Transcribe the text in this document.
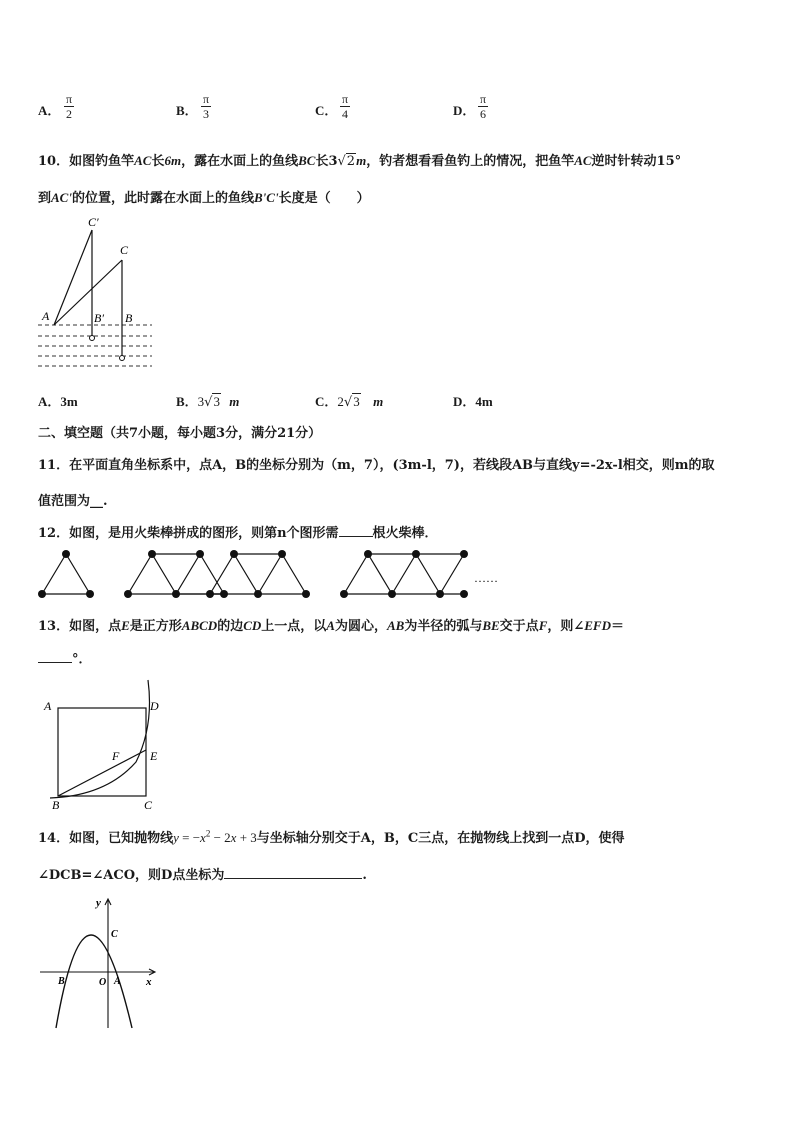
A． $\frac{\pi}{2}$	B． $\frac{\pi}{3}$	C． $\frac{\pi}{4}$	D． $\frac{\pi}{6}$
10．如图钓鱼竿AC长6m，露在水面上的鱼线BC长3√2m，钓者想看看鱼钓上的情况，把鱼竿AC逆时针转动15°
到AC'的位置，此时露在水面上的鱼线B'C'长度是（　　）
A	B′ B
C
C′
A．3m	B．3√3 m	C．2√3 m	D．4m
二、填空题（共7小题，每小题3分，满分21分）
11．在平面直角坐标系中，点A，B的坐标分别为（m，7），(3m-l，7)，若线段AB与直线y=-2x-l相交，则m的取
值范围为__.
12．如图，是用火柴棒拼成的图形，则第n个图形需	根火柴棒．
……
13．如图，点E是正方形ABCD的边CD上一点，以A为圆心，AB为半径的弧与BE交于点F，则∠EFD＝
°．
A	D
E
F
B	C
14．如图，已知抛物线$y = -x^2 - 2x + 3$与坐标轴分别交于A，B，C三点，在抛物线上找到一点D，使得
∠DCB=∠ACO，则D点坐标为	.
x
y
C
B	O A
